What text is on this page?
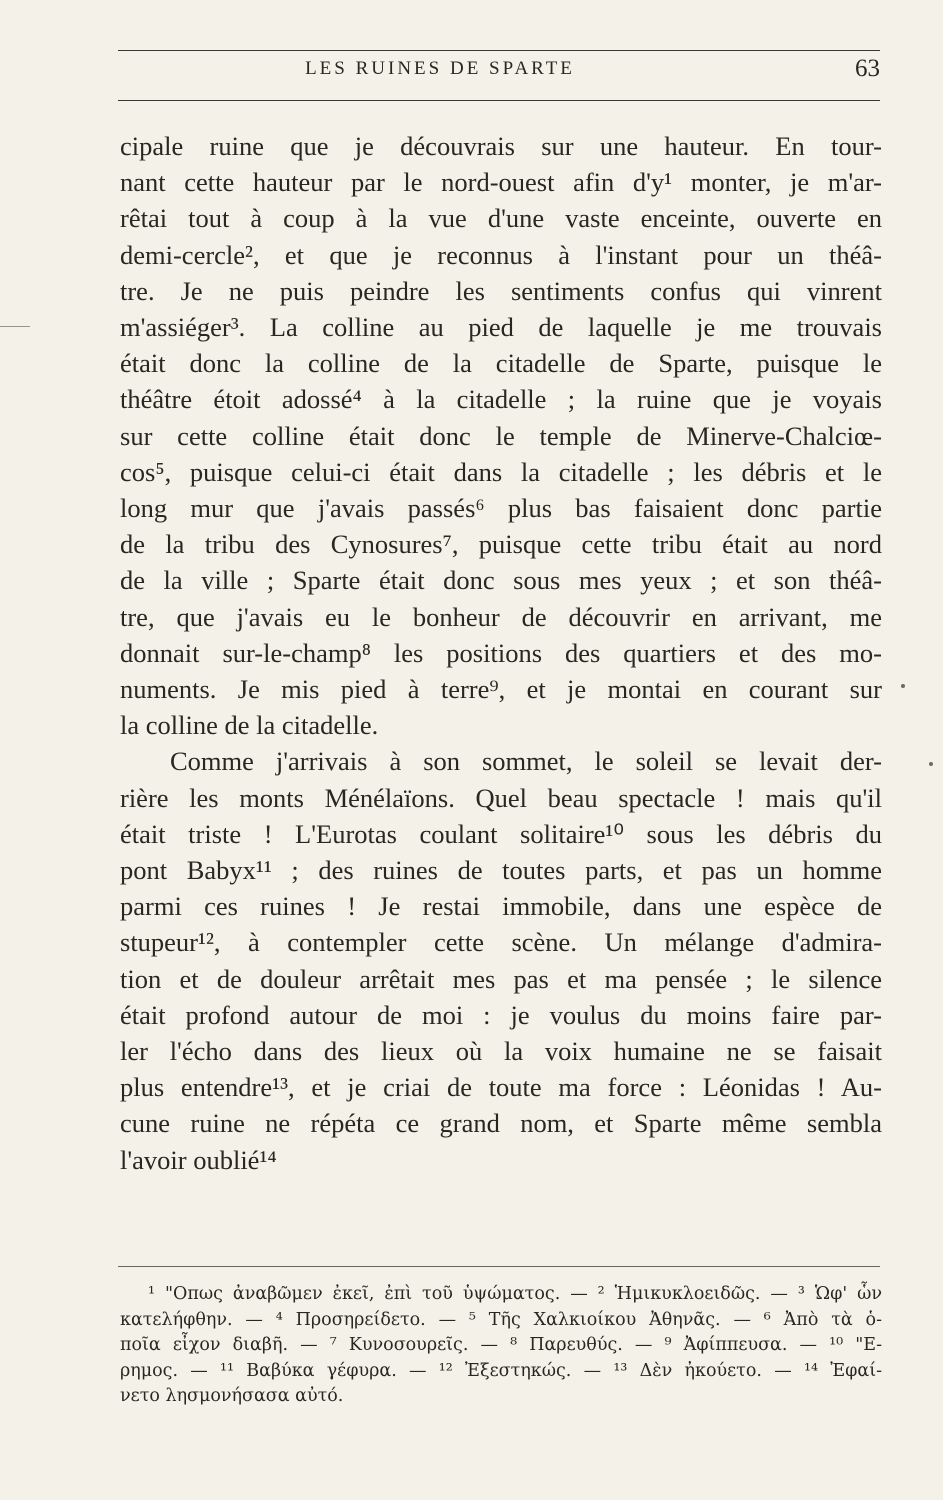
LES RUINES DE SPARTE	63
cipale ruine que je découvrais sur une hauteur. En tour-
nant cette hauteur par le nord-ouest afin d'y¹ monter, je m'ar-
rêtai tout à coup à la vue d'une vaste enceinte, ouverte en
demi-cercle², et que je reconnus à l'instant pour un théâ-
tre. Je ne puis peindre les sentiments confus qui vinrent
m'assiéger³. La colline au pied de laquelle je me trouvais
était donc la colline de la citadelle de Sparte, puisque le
théâtre étoit adossé⁴ à la citadelle ; la ruine que je voyais
sur cette colline était donc le temple de Minerve-Chalciœ-
cos⁵, puisque celui-ci était dans la citadelle ; les débris et le
long mur que j'avais passés⁶ plus bas faisaient donc partie
de la tribu des Cynosures⁷, puisque cette tribu était au nord
de la ville ; Sparte était donc sous mes yeux ; et son théâ-
tre, que j'avais eu le bonheur de découvrir en arrivant, me
donnait sur-le-champ⁸ les positions des quartiers et des mo-
numents. Je mis pied à terre⁹, et je montai en courant sur
la colline de la citadelle.
Comme j'arrivais à son sommet, le soleil se levait der-
rière les monts Ménélaïons. Quel beau spectacle ! mais qu'il
était triste ! L'Eurotas coulant solitaire¹⁰ sous les débris du
pont Babyx¹¹ ; des ruines de toutes parts, et pas un homme
parmi ces ruines ! Je restai immobile, dans une espèce de
stupeur¹², à contempler cette scène. Un mélange d'admira-
tion et de douleur arrêtait mes pas et ma pensée ; le silence
était profond autour de moi : je voulus du moins faire par-
ler l'écho dans des lieux où la voix humaine ne se faisait
plus entendre¹³, et je criai de toute ma force : Léonidas ! Au-
cune ruine ne répéta ce grand nom, et Sparte même sembla
l'avoir oublié¹⁴
¹ "Οπως ἀναβῶμεν ἐκεῖ, ἐπὶ τοῦ ὑψώματος. — ² Ἡμικυκλοειδῶς. — ³ Ὡφ' ὧν
κατελήφθην. — ⁴ Προσηρείδετο. — ⁵ Τῆς Χαλκιοίκου Ἀθηνᾶς. — ⁶ Ἀπὸ τὰ ὁ-
ποῖα εἶχον διαβῆ. — ⁷ Κυνοσουρεῖς. — ⁸ Παρευθύς. — ⁹ Ἀφίππευσα. — ¹⁰ "Ε-
ρημος. — ¹¹ Βαβύκα γέφυρα. — ¹² Ἐξεστηκώς. — ¹³ Δὲν ἠκούετο. — ¹⁴ Ἐφαί-
νετο λησμονήσασα αὐτό.
